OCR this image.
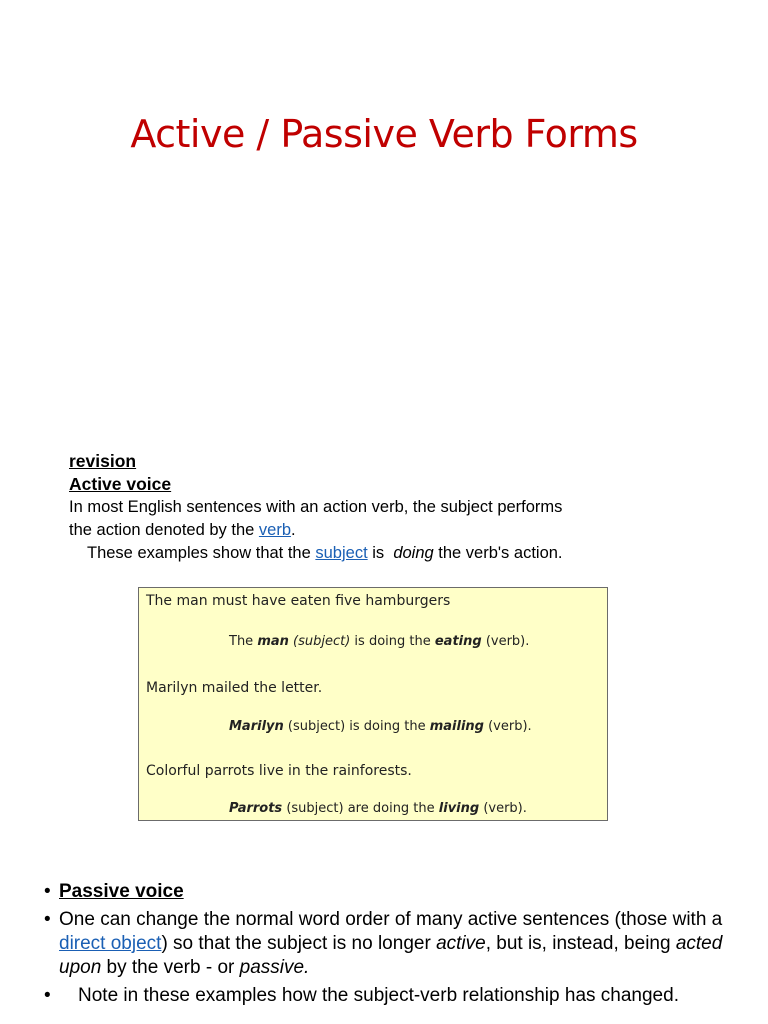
Active / Passive Verb Forms
revision
Active voice
In most English sentences with an action verb, the subject performs
the action denoted by the verb.
These examples show that the subject is  doing the verb's action.
The man must have eaten five hamburgers
The man (subject) is doing the eating (verb).
Marilyn mailed the letter.
Marilyn (subject) is doing the mailing (verb).
Colorful parrots live in the rainforests.
Parrots (subject) are doing the living (verb).
• Passive voice
• One can change the normal word order of many active sentences (those with a direct object) so that the subject is no longer active, but is, instead, being acted upon by the verb - or passive.
• Note in these examples how the subject-verb relationship has changed.
